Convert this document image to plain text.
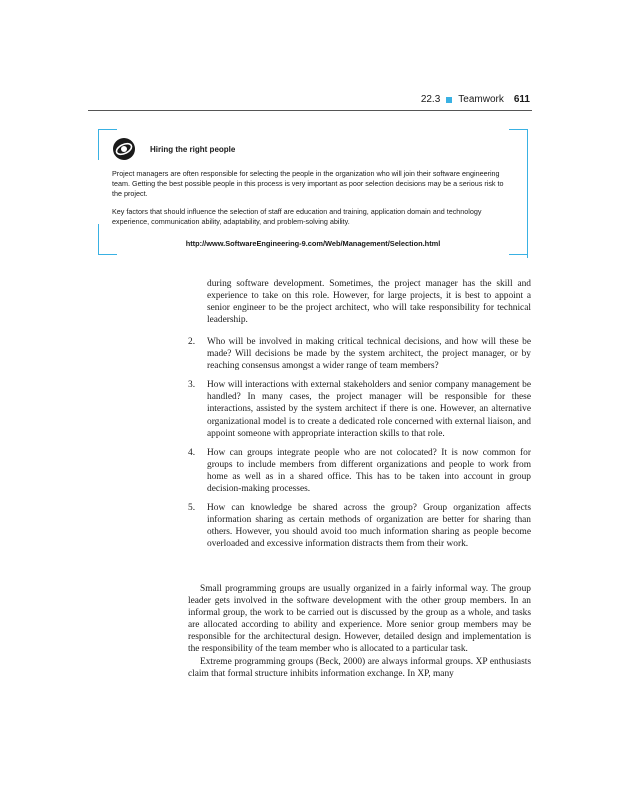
22.3 Teamwork 611
Hiring the right people

Project managers are often responsible for selecting the people in the organization who will join their software engineering team. Getting the best possible people in this process is very important as poor selection decisions may be a serious risk to the project.

Key factors that should influence the selection of staff are education and training, application domain and technology experience, communication ability, adaptability, and problem-solving ability.

http://www.SoftwareEngineering-9.com/Web/Management/Selection.html

during software development. Sometimes, the project manager has the skill and experience to take on this role. However, for large projects, it is best to appoint a senior engineer to be the project architect, who will take responsibility for technical leadership.

2.	Who will be involved in making critical technical decisions, and how will these be made? Will decisions be made by the system architect, the project manager, or by reaching consensus amongst a wider range of team members?
3.	How will interactions with external stakeholders and senior company management be handled? In many cases, the project manager will be responsible for these interactions, assisted by the system architect if there is one. However, an alternative organizational model is to create a dedicated role concerned with external liaison, and appoint someone with appropriate interaction skills to that role.
4.	How can groups integrate people who are not colocated? It is now common for groups to include members from different organizations and people to work from home as well as in a shared office. This has to be taken into account in group decision-making processes.
5.	How can knowledge be shared across the group? Group organization affects information sharing as certain methods of organization are better for sharing than others. However, you should avoid too much information sharing as people become overloaded and excessive information distracts them from their work.

Small programming groups are usually organized in a fairly informal way. The group leader gets involved in the software development with the other group members. In an informal group, the work to be carried out is discussed by the group as a whole, and tasks are allocated according to ability and experience. More senior group members may be responsible for the architectural design. However, detailed design and implementation is the responsibility of the team member who is allocated to a particular task.

Extreme programming groups (Beck, 2000) are always informal groups. XP enthusiasts claim that formal structure inhibits information exchange. In XP, many
